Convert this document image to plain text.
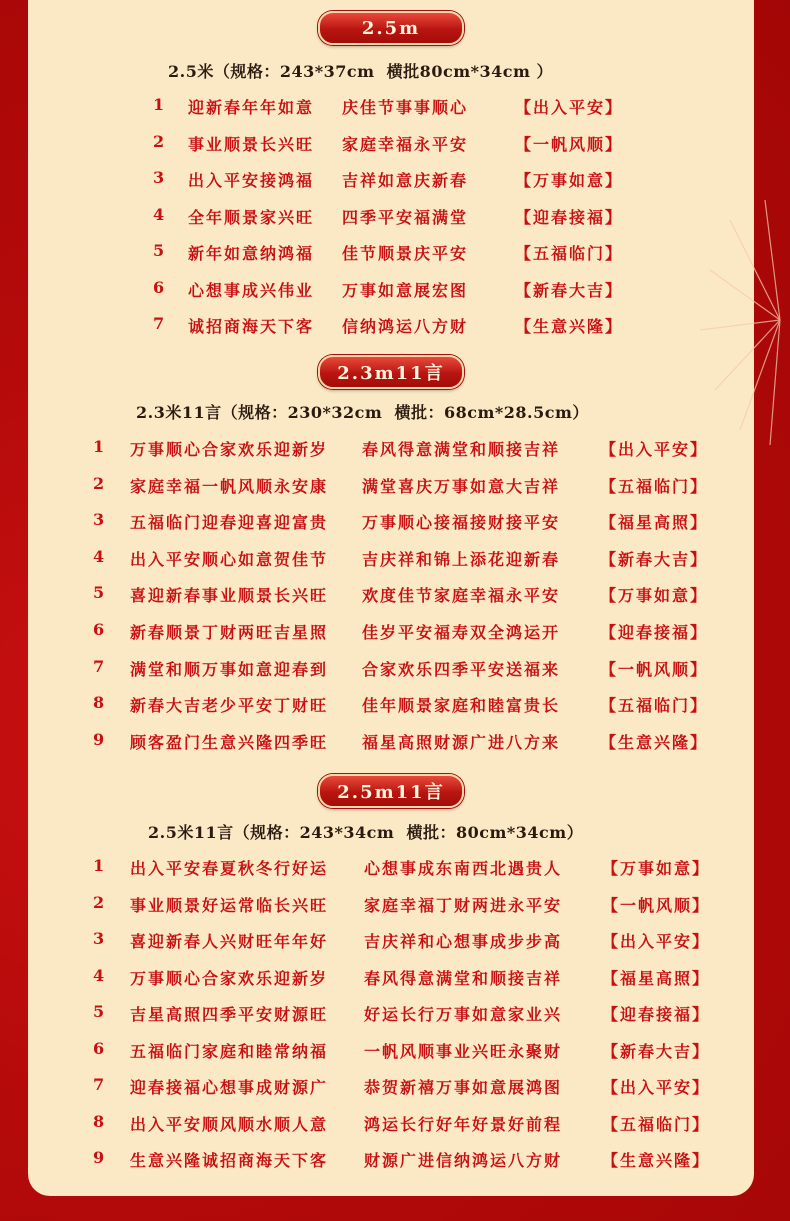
2.5m
2.5米（规格：243*37cm  横批80cm*34cm ）
1 迎新春年年如意 庆佳节事事顺心	【出入平安】
2 事业顺景长兴旺 家庭幸福永平安	【一帆风顺】
3 出入平安接鸿福 吉祥如意庆新春	【万事如意】
4 全年顺景家兴旺 四季平安福满堂	【迎春接福】
5 新年如意纳鸿福 佳节顺景庆平安	【五福临门】
6 心想事成兴伟业 万事如意展宏图	【新春大吉】
7 诚招商海天下客 信纳鸿运八方财	【生意兴隆】
2.3m11言
2.3米11言（规格：230*32cm  横批：68cm*28.5cm）
1 万事顺心合家欢乐迎新岁 春风得意满堂和顺接吉祥 【出入平安】
2 家庭幸福一帆风顺永安康 满堂喜庆万事如意大吉祥 【五福临门】
3 五福临门迎春迎喜迎富贵 万事顺心接福接财接平安 【福星高照】
4 出入平安顺心如意贺佳节 吉庆祥和锦上添花迎新春 【新春大吉】
5 喜迎新春事业顺景长兴旺 欢度佳节家庭幸福永平安 【万事如意】
6 新春顺景丁财两旺吉星照 佳岁平安福寿双全鸿运开 【迎春接福】
7 满堂和顺万事如意迎春到 合家欢乐四季平安送福来 【一帆风顺】
8 新春大吉老少平安丁财旺 佳年顺景家庭和睦富贵长 【五福临门】
9 顾客盈门生意兴隆四季旺 福星高照财源广进八方来 【生意兴隆】
2.5m11言
2.5米11言（规格：243*34cm  横批：80cm*34cm）
1 出入平安春夏秋冬行好运 心想事成东南西北遇贵人 【万事如意】
2 事业顺景好运常临长兴旺 家庭幸福丁财两进永平安 【一帆风顺】
3 喜迎新春人兴财旺年年好 吉庆祥和心想事成步步高 【出入平安】
4 万事顺心合家欢乐迎新岁 春风得意满堂和顺接吉祥 【福星高照】
5 吉星高照四季平安财源旺 好运长行万事如意家业兴 【迎春接福】
6 五福临门家庭和睦常纳福 一帆风顺事业兴旺永聚财 【新春大吉】
7 迎春接福心想事成财源广 恭贺新禧万事如意展鸿图 【出入平安】
8 出入平安顺风顺水顺人意 鸿运长行好年好景好前程 【五福临门】
9 生意兴隆诚招商海天下客 财源广进信纳鸿运八方财 【生意兴隆】
